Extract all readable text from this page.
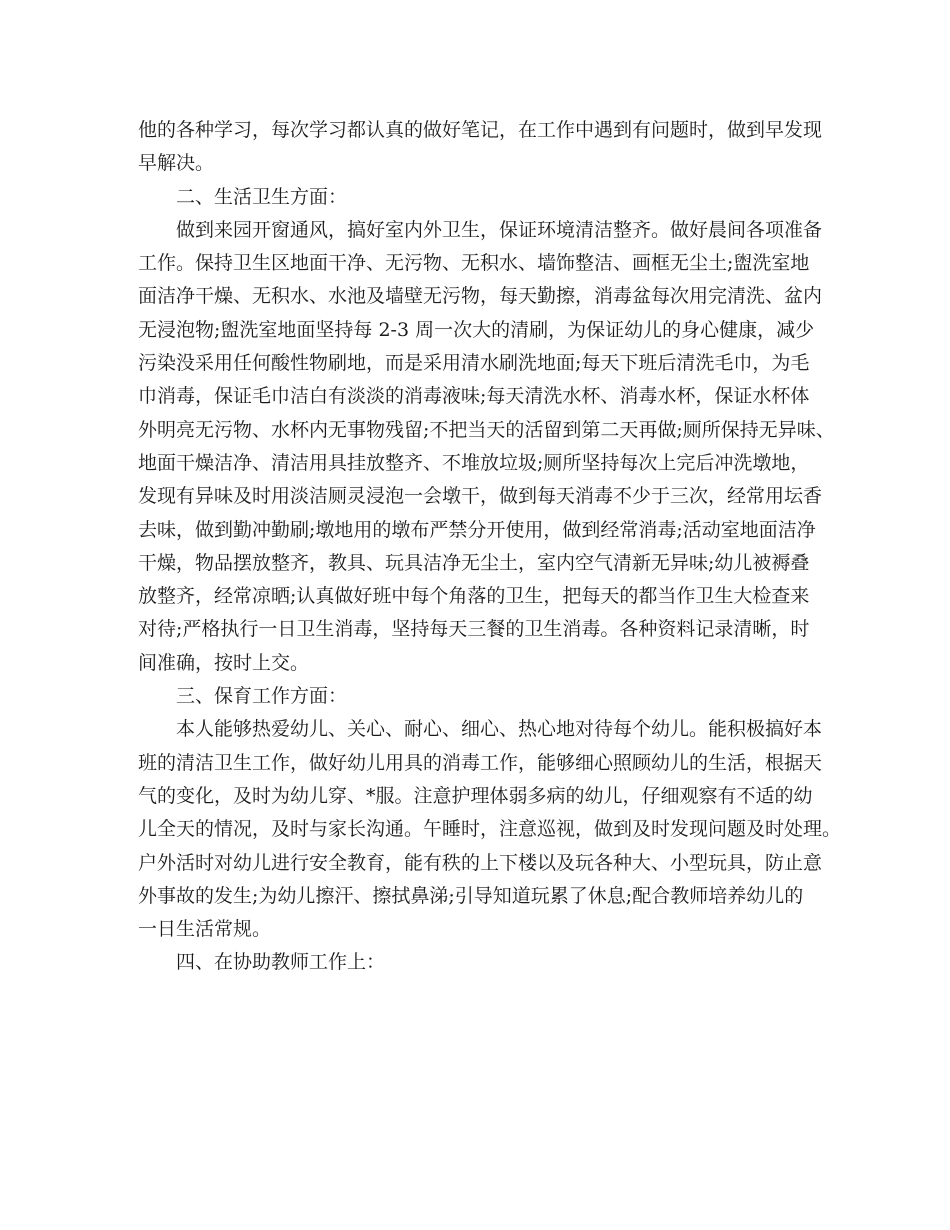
他的各种学习，每次学习都认真的做好笔记，在工作中遇到有问题时，做到早发现
早解决。
二、生活卫生方面：
做到来园开窗通风，搞好室内外卫生，保证环境清洁整齐。做好晨间各项准备
工作。保持卫生区地面干净、无污物、无积水、墙饰整洁、画框无尘土;盥洗室地
面洁净干燥、无积水、水池及墙壁无污物，每天勤擦，消毒盆每次用完清洗、盆内
无浸泡物;盥洗室地面坚持每 2-3 周一次大的清刷，为保证幼儿的身心健康，减少
污染没采用任何酸性物刷地，而是采用清水刷洗地面;每天下班后清洗毛巾，为毛
巾消毒，保证毛巾洁白有淡淡的消毒液味;每天清洗水杯、消毒水杯，保证水杯体
外明亮无污物、水杯内无事物残留;不把当天的活留到第二天再做;厕所保持无异味、
地面干燥洁净、清洁用具挂放整齐、不堆放垃圾;厕所坚持每次上完后冲洗墩地，
发现有异味及时用淡洁厕灵浸泡一会墩干，做到每天消毒不少于三次，经常用坛香
去味，做到勤冲勤刷;墩地用的墩布严禁分开使用，做到经常消毒;活动室地面洁净
干燥，物品摆放整齐，教具、玩具洁净无尘土，室内空气清新无异味;幼儿被褥叠
放整齐，经常凉晒;认真做好班中每个角落的卫生，把每天的都当作卫生大检查来
对待;严格执行一日卫生消毒，坚持每天三餐的卫生消毒。各种资料记录清晰，时
间准确，按时上交。
三、保育工作方面：
本人能够热爱幼儿、关心、耐心、细心、热心地对待每个幼儿。能积极搞好本
班的清洁卫生工作，做好幼儿用具的消毒工作，能够细心照顾幼儿的生活，根据天
气的变化，及时为幼儿穿、*服。注意护理体弱多病的幼儿，仔细观察有不适的幼
儿全天的情况，及时与家长沟通。午睡时，注意巡视，做到及时发现问题及时处理。
户外活时对幼儿进行安全教育，能有秩的上下楼以及玩各种大、小型玩具，防止意
外事故的发生;为幼儿擦汗、擦拭鼻涕;引导知道玩累了休息;配合教师培养幼儿的
一日生活常规。
四、在协助教师工作上：
